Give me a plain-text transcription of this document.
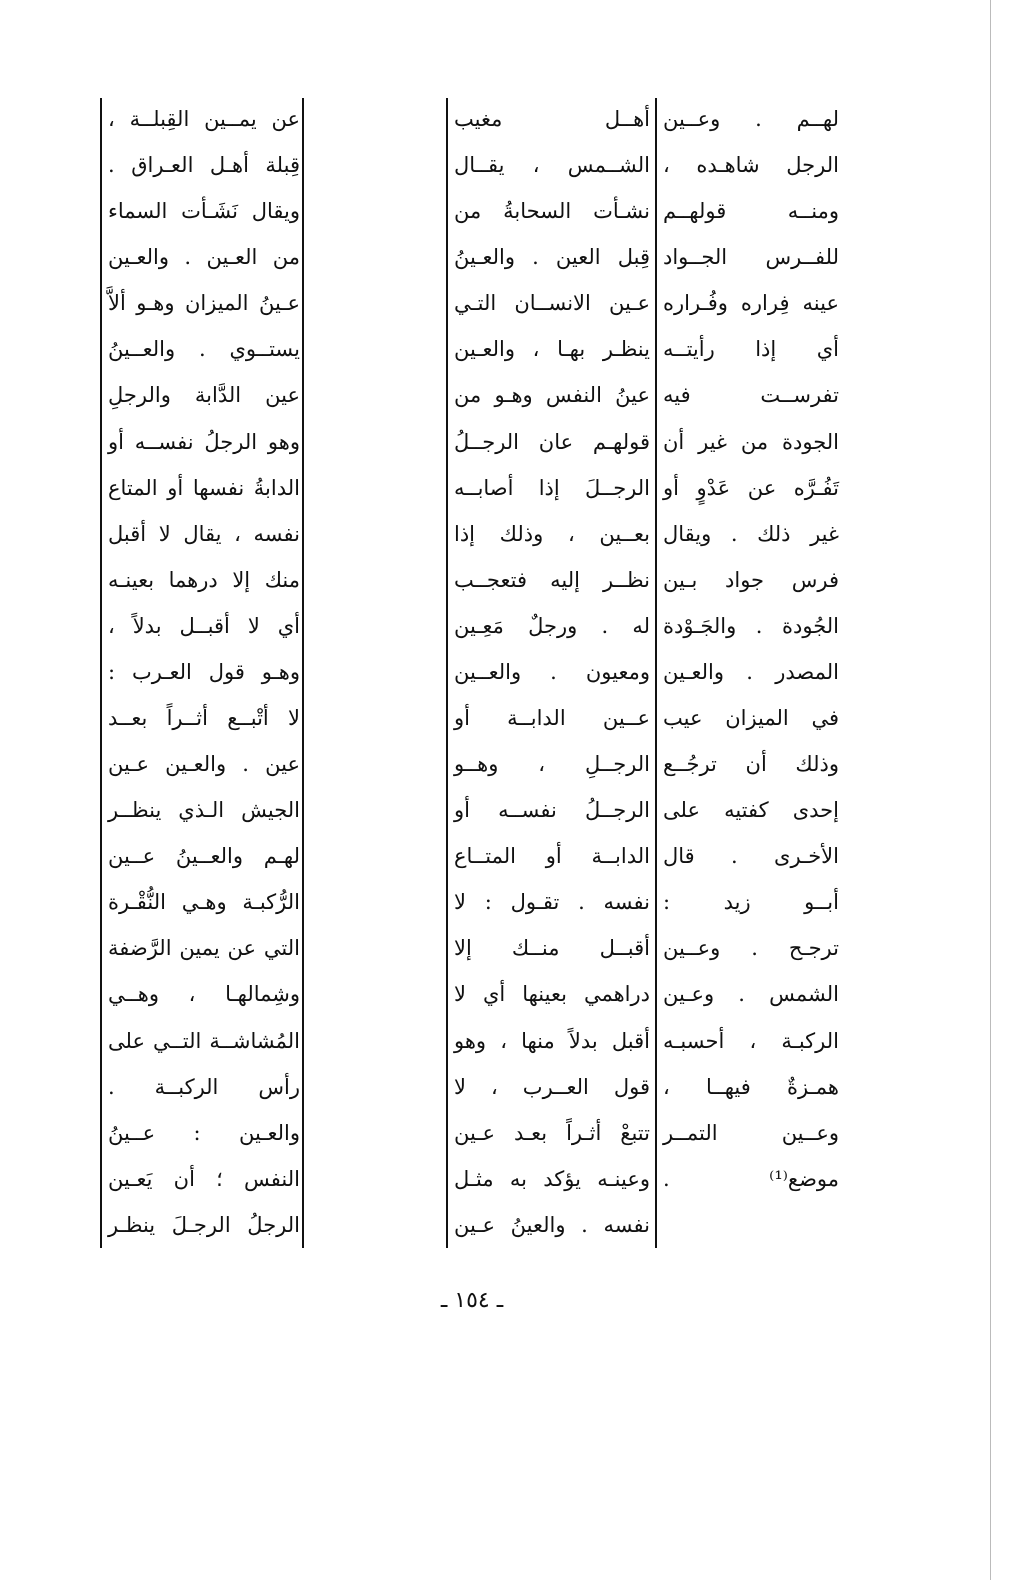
لهــم . وعــين
الرجل شاهـده ،
ومنــه قولهــم
للفــرس الجــواد
عينه فِراره وفُـراره
أي إذا رأيتــه
تفرســت فيه
الجودة من غير أن
تَفُـرَّه عن عَدْوٍ أو
غير ذلك . ويقال
فرس جواد بـين
الجُودة . والجَـوْدة
المصدر . والعـين
في الميزان عيب
وذلك أن ترجُــع
إحدى كفتيه على
الأخـرى . قال
أبــو زيد :
ترجـح . وعــين
الشمس . وعـين
الركبـة ، أحسبـه
همـزةٌ فيهــا ،
وعــين التمــر
موضع⁽¹⁾ .
أهــل مغيب
الشــمس ، يقــال
نشـأت السحابةُ من
قِبل العين . والعـينُ
عـين الانســان التـي
ينظـر بهـا ، والعـين
عينُ النفس وهـو من
قولهـم عان الرجــلُ
الرجــلَ إذا أصابــه
بعــين ، وذلك إذا
نظــر إليه فتعجــب
له . ورجلٌ مَعِـين
ومعيون . والعــين
عــين الدابــة أو
الرجــلِ ، وهــو
الرجــلُ نفســه أو
الدابــة أو المتــاع
نفسه . تقـول : لا
أقبــل منــك إلا
دراهمي بعينها أي لا
أقبل بدلاً منها ، وهو
قول العــرب ، لا
تتبعْ أثـراً بعـد عـين
وعينـه يؤكد به مثـل
نفسه . والعينُ عـين
عن يمــين القِبلــة ،
قِبلة أهـل العـراق .
ويقال نَشَـأت السماء
من العـين . والعـين
عـينُ الميزان وهـو ألاَّ
يستــوي . والعــينُ
عين الدَّابة والرجلِ
وهو الرجلُ نفســه أو
الدابةُ نفسها أو المتاع
نفسه ، يقال لا أقبل
منك إلا درهما بعينـه
أي لا أقبــل بدلاً ،
وهـو قول العـرب :
لا أتْبــع أثــراً بعــد
عين . والعـين عـين
الجيش الـذي ينظــر
لهـم والعــينُ عــين
الرُّكبـة وهـي النُّقْـرة
التي عن يمين الرَّضفة
وشِمالهـا ، وهــي
المُشاشــة التــي على
رأس الركبــة .
والعـين : عــينُ
النفس ؛ أن يَعـين
الرجلُ الرجـلَ ينظـر
ـ ١٥٤ ـ
